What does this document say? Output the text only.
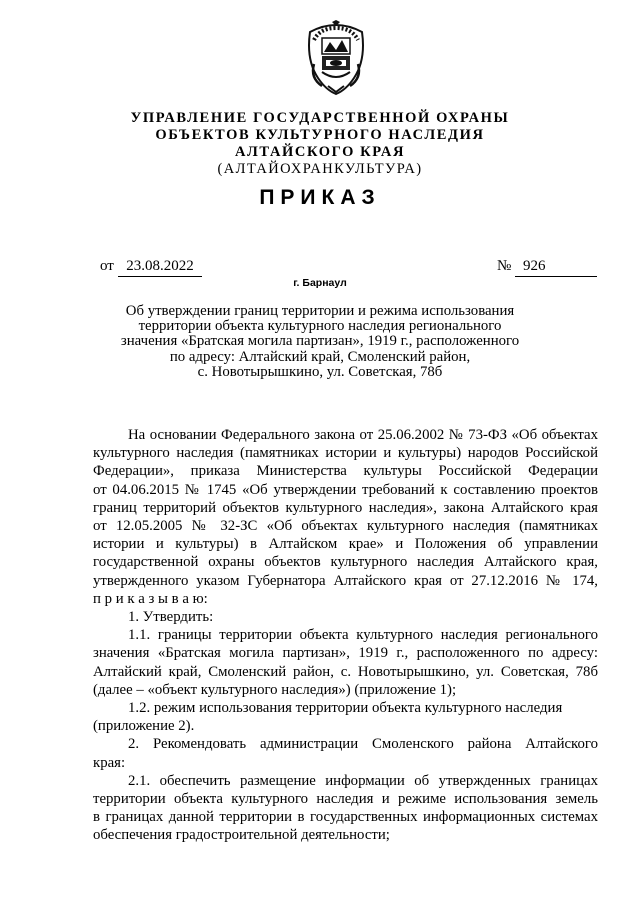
УПРАВЛЕНИЕ ГОСУДАРСТВЕННОЙ ОХРАНЫ
ОБЪЕКТОВ КУЛЬТУРНОГО НАСЛЕДИЯ
АЛТАЙСКОГО КРАЯ
(АЛТАЙОХРАНКУЛЬТУРА)
ПРИКАЗ
от 23.08.2022	№ 926
г. Барнаул
Об утверждении границ территории и режима использования
территории объекта культурного наследия регионального
значения «Братская могила партизан», 1919 г., расположенного
по адресу: Алтайский край, Смоленский район,
с. Новотырышкино, ул. Советская, 78б
На основании Федерального закона от 25.06.2002 № 73-ФЗ «Об объектах
культурного наследия (памятниках истории и культуры) народов Российской
Федерации», приказа Министерства культуры Российской Федерации
от 04.06.2015 № 1745 «Об утверждении требований к составлению проектов
границ территорий объектов культурного наследия», закона Алтайского края
от 12.05.2005 № 32-ЗС «Об объектах культурного наследия (памятниках
истории и культуры) в Алтайском крае» и Положения об управлении
государственной охраны объектов культурного наследия Алтайского края,
утвержденного указом Губернатора Алтайского края от 27.12.2016 № 174,
п р и к а з ы в а ю:
1. Утвердить:
1.1. границы территории объекта культурного наследия регионального
значения «Братская могила партизан», 1919 г., расположенного по адресу:
Алтайский край, Смоленский район, с. Новотырышкино, ул. Советская, 78б
(далее – «объект культурного наследия») (приложение 1);
1.2. режим использования территории объекта культурного наследия
(приложение 2).
2. Рекомендовать администрации Смоленского района Алтайского
края:
2.1. обеспечить размещение информации об утвержденных границах
территории объекта культурного наследия и режиме использования земель
в границах данной территории в государственных информационных системах
обеспечения градостроительной деятельности;
